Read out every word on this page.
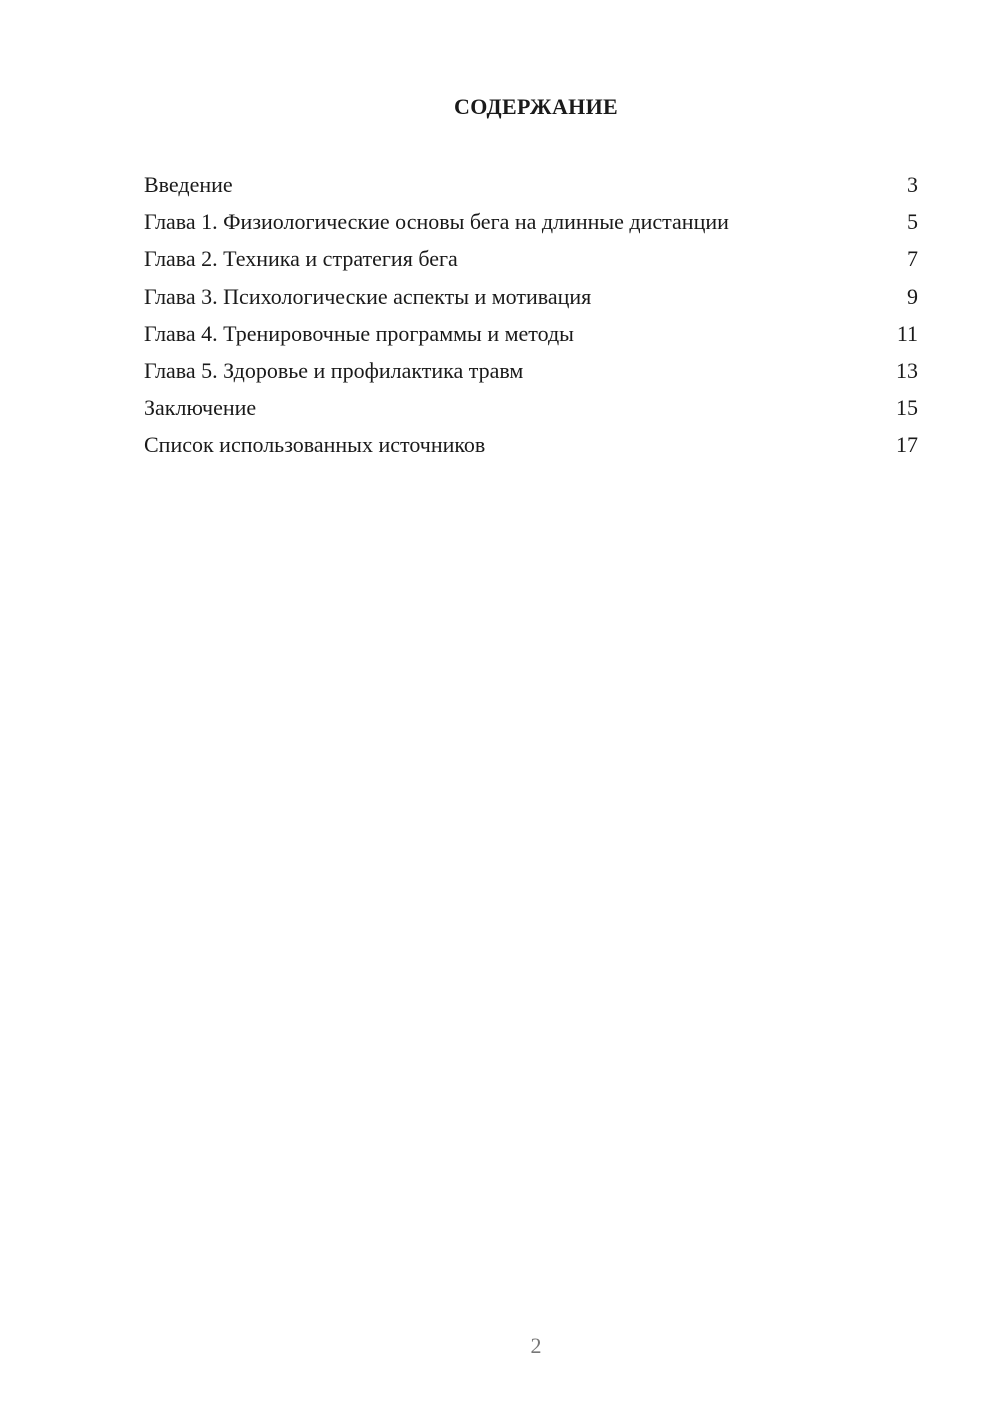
СОДЕРЖАНИЕ
Введение	3
Глава 1. Физиологические основы бега на длинные дистанции	5
Глава 2. Техника и стратегия бега	7
Глава 3. Психологические аспекты и мотивация	9
Глава 4. Тренировочные программы и методы	11
Глава 5. Здоровье и профилактика травм	13
Заключение	15
Список использованных источников	17
2
